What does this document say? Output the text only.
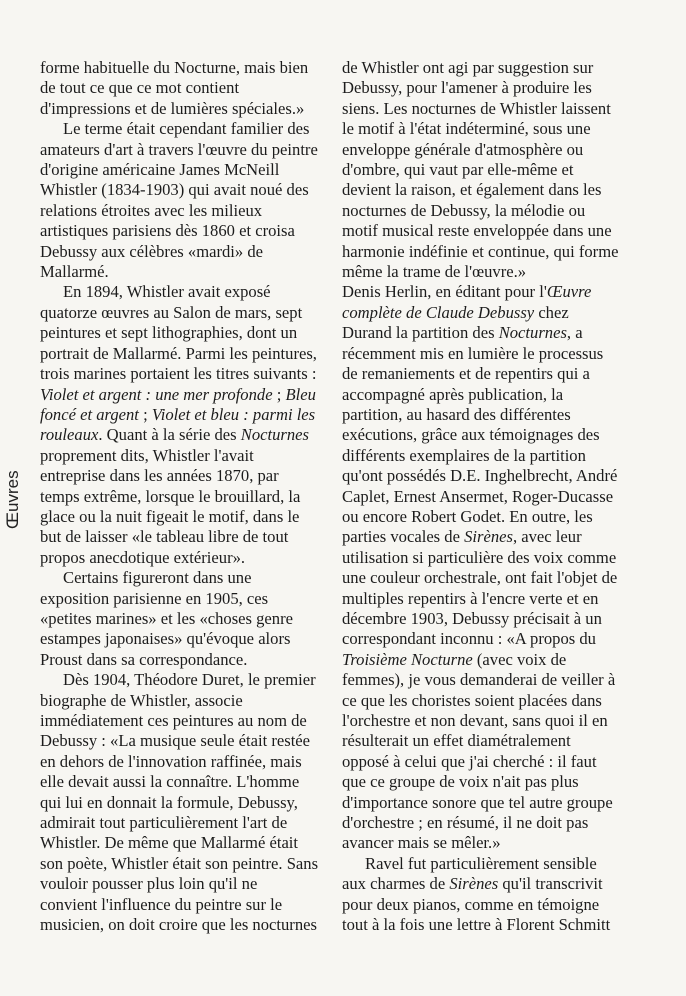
Œuvres
forme habituelle du Nocturne, mais bien
de tout ce que ce mot contient
d'impressions et de lumières spéciales.»
Le terme était cependant familier des
amateurs d'art à travers l'œuvre du peintre
d'origine américaine James McNeill
Whistler (1834-1903) qui avait noué des
relations étroites avec les milieux
artistiques parisiens dès 1860 et croisa
Debussy aux célèbres «mardi» de
Mallarmé.
En 1894, Whistler avait exposé
quatorze œuvres au Salon de mars, sept
peintures et sept lithographies, dont un
portrait de Mallarmé. Parmi les peintures,
trois marines portaient les titres suivants :
Violet et argent : une mer profonde ; Bleu
foncé et argent ; Violet et bleu : parmi les
rouleaux. Quant à la série des Nocturnes
proprement dits, Whistler l'avait
entreprise dans les années 1870, par
temps extrême, lorsque le brouillard, la
glace ou la nuit figeait le motif, dans le
but de laisser «le tableau libre de tout
propos anecdotique extérieur».
Certains figureront dans une
exposition parisienne en 1905, ces
«petites marines» et les «choses genre
estampes japonaises» qu'évoque alors
Proust dans sa correspondance.
Dès 1904, Théodore Duret, le premier
biographe de Whistler, associe
immédiatement ces peintures au nom de
Debussy : «La musique seule était restée
en dehors de l'innovation raffinée, mais
elle devait aussi la connaître. L'homme
qui lui en donnait la formule, Debussy,
admirait tout particulièrement l'art de
Whistler. De même que Mallarmé était
son poète, Whistler était son peintre. Sans
vouloir pousser plus loin qu'il ne
convient l'influence du peintre sur le
musicien, on doit croire que les nocturnes
de Whistler ont agi par suggestion sur
Debussy, pour l'amener à produire les
siens. Les nocturnes de Whistler laissent
le motif à l'état indéterminé, sous une
enveloppe générale d'atmosphère ou
d'ombre, qui vaut par elle-même et
devient la raison, et également dans les
nocturnes de Debussy, la mélodie ou
motif musical reste enveloppée dans une
harmonie indéfinie et continue, qui forme
même la trame de l'œuvre.»
Denis Herlin, en éditant pour l'Œuvre
complète de Claude Debussy chez
Durand la partition des Nocturnes, a
récemment mis en lumière le processus
de remaniements et de repentirs qui a
accompagné après publication, la
partition, au hasard des différentes
exécutions, grâce aux témoignages des
différents exemplaires de la partition
qu'ont possédés D.E. Inghelbrecht, André
Caplet, Ernest Ansermet, Roger-Ducasse
ou encore Robert Godet. En outre, les
parties vocales de Sirènes, avec leur
utilisation si particulière des voix comme
une couleur orchestrale, ont fait l'objet de
multiples repentirs à l'encre verte et en
décembre 1903, Debussy précisait à un
correspondant inconnu : «A propos du
Troisième Nocturne (avec voix de
femmes), je vous demanderai de veiller à
ce que les choristes soient placées dans
l'orchestre et non devant, sans quoi il en
résulterait un effet diamétralement
opposé à celui que j'ai cherché : il faut
que ce groupe de voix n'ait pas plus
d'importance sonore que tel autre groupe
d'orchestre ; en résumé, il ne doit pas
avancer mais se mêler.»
Ravel fut particulièrement sensible
aux charmes de Sirènes qu'il transcrivit
pour deux pianos, comme en témoigne
tout à la fois une lettre à Florent Schmitt
